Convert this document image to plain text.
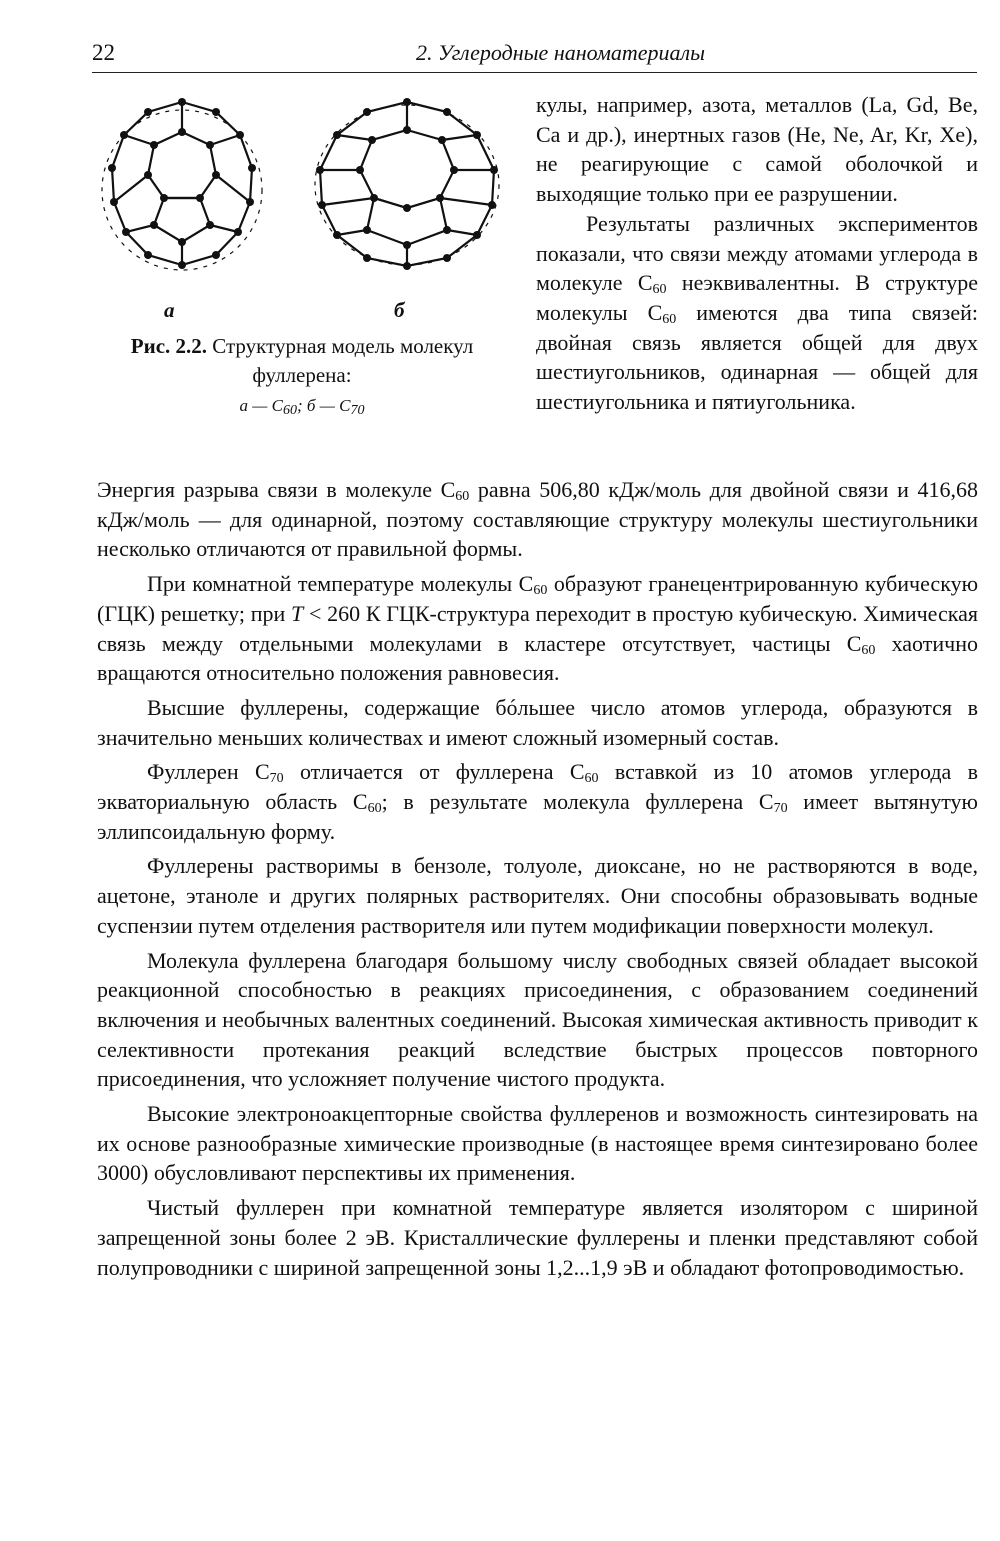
22	2. Углеродные наноматериалы
а	б
Рис. 2.2. Структурная модель молекул фуллерена:
а — $С_{60}$; б — $С_{70}$

кулы, например, азота, металлов (La, Gd, Be, Ca и др.), инертных газов (He, Ne, Ar, Kr, Xe), не реагирующие с самой оболочкой и выходящие только при ее разрушении.

Результаты различных экспериментов показали, что связи между атомами углерода в молекуле $С_{60}$ неэквивалентны. В структуре молекулы $С_{60}$ имеются два типа связей: двойная связь является общей для двух шестиугольников, одинарная — общей для шестиугольника и пятиугольника.

Энергия разрыва связи в молекуле $С_{60}$ равна 506,80 кДж/моль для двойной связи и 416,68 кДж/моль — для одинарной, поэтому составляющие структуру молекулы шестиугольники несколько отличаются от правильной формы.

При комнатной температуре молекулы $С_{60}$ образуют гранецентрированную кубическую (ГЦК) решетку; при T < 260 К ГЦК-структура переходит в простую кубическую. Химическая связь между отдельными молекулами в кластере отсутствует, частицы $С_{60}$ хаотично вращаются относительно положения равновесия.

Высшие фуллерены, содержащие бóльшее число атомов углерода, образуются в значительно меньших количествах и имеют сложный изомерный состав.

Фуллерен $С_{70}$ отличается от фуллерена $С_{60}$ вставкой из 10 атомов углерода в экваториальную область $С_{60}$; в результате молекула фуллерена $С_{70}$ имеет вытянутую эллипсоидальную форму.

Фуллерены растворимы в бензоле, толуоле, диоксане, но не растворяются в воде, ацетоне, этаноле и других полярных растворителях. Они способны образовывать водные суспензии путем отделения растворителя или путем модификации поверхности молекул.

Молекула фуллерена благодаря большому числу свободных связей обладает высокой реакционной способностью в реакциях присоединения, с образованием соединений включения и необычных валентных соединений. Высокая химическая активность приводит к селективности протекания реакций вследствие быстрых процессов повторного присоединения, что усложняет получение чистого продукта.

Высокие электроноакцепторные свойства фуллеренов и возможность синтезировать на их основе разнообразные химические производные (в настоящее время синтезировано более 3000) обусловливают перспективы их применения.

Чистый фуллерен при комнатной температуре является изолятором с шириной запрещенной зоны более 2 эВ. Кристаллические фуллерены и пленки представляют собой полупроводники с шириной запрещенной зоны 1,2...1,9 эВ и обладают фотопроводимостью.
